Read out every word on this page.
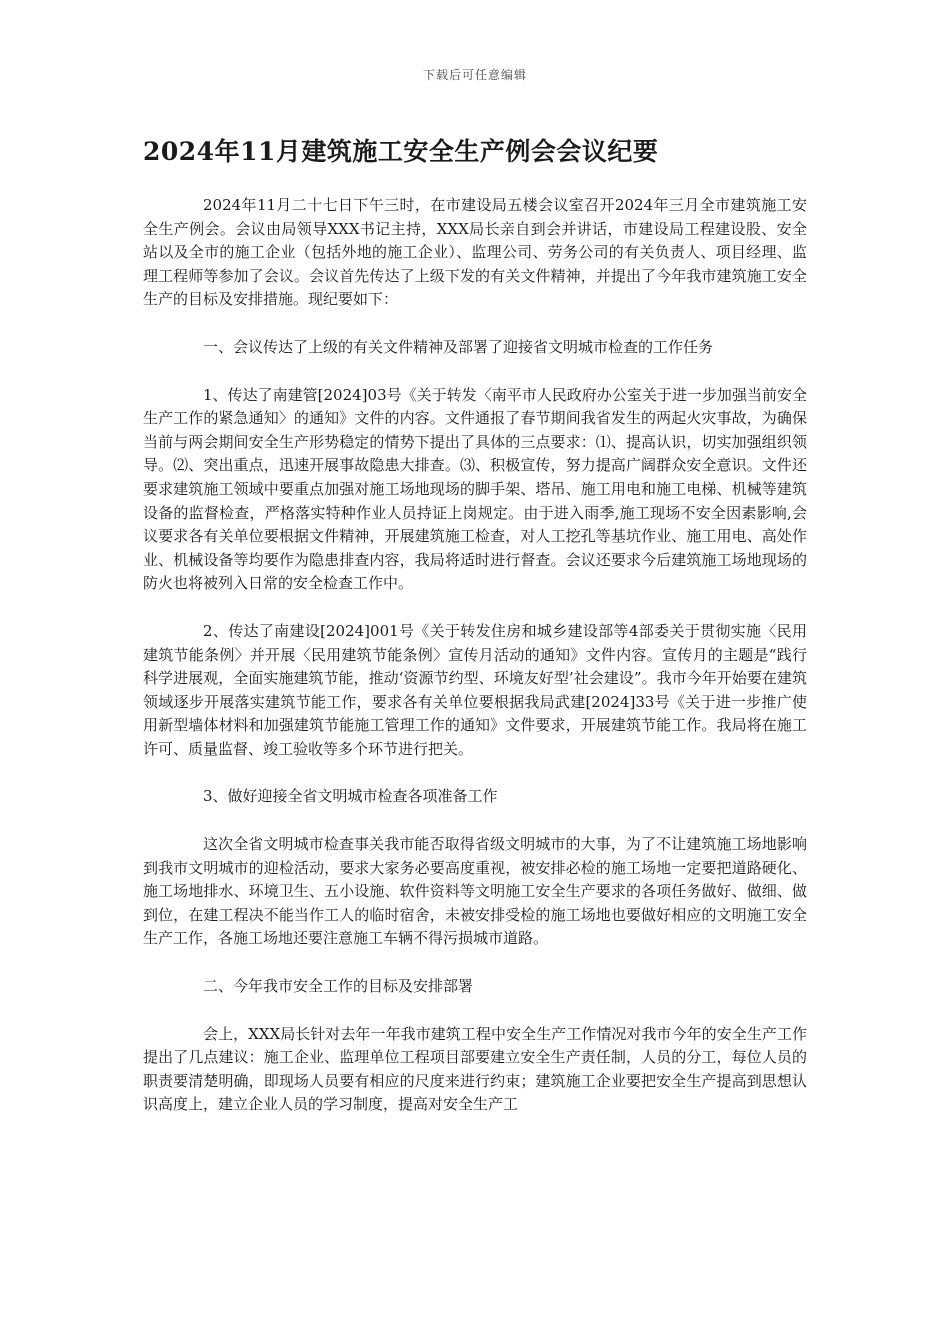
下载后可任意编辑
2024年11月建筑施工安全生产例会会议纪要

2024年11月二十七日下午三时，在市建设局五楼会议室召开2024年三月全市建筑施工安全生产例会。会议由局领导XXX书记主持，XXX局长亲自到会并讲话，市建设局工程建设股、安全站以及全市的施工企业（包括外地的施工企业）、监理公司、劳务公司的有关负责人、项目经理、监理工程师等参加了会议。会议首先传达了上级下发的有关文件精神，并提出了今年我市建筑施工安全生产的目标及安排措施。现纪要如下：

一、会议传达了上级的有关文件精神及部署了迎接省文明城市检查的工作任务

1、传达了南建管[2024]03号《关于转发〈南平市人民政府办公室关于进一步加强当前安全生产工作的紧急通知〉的通知》文件的内容。文件通报了春节期间我省发生的两起火灾事故，为确保当前与两会期间安全生产形势稳定的情势下提出了具体的三点要求：⑴、提高认识，切实加强组织领导。⑵、突出重点，迅速开展事故隐患大排查。⑶、积极宣传，努力提高广阔群众安全意识。文件还要求建筑施工领域中要重点加强对施工场地现场的脚手架、塔吊、施工用电和施工电梯、机械等建筑设备的监督检查，严格落实特种作业人员持证上岗规定。由于进入雨季,施工现场不安全因素影响,会议要求各有关单位要根据文件精神，开展建筑施工检查，对人工挖孔等基坑作业、施工用电、高处作业、机械设备等均要作为隐患排查内容，我局将适时进行督查。会议还要求今后建筑施工场地现场的防火也将被列入日常的安全检查工作中。

2、传达了南建设[2024]001号《关于转发住房和城乡建设部等4部委关于贯彻实施〈民用建筑节能条例〉并开展〈民用建筑节能条例〉宣传月活动的通知》文件内容。宣传月的主题是“践行科学进展观，全面实施建筑节能，推动‘资源节约型、环境友好型’社会建设”。我市今年开始要在建筑领域逐步开展落实建筑节能工作，要求各有关单位要根据我局武建[2024]33号《关于进一步推广使用新型墙体材料和加强建筑节能施工管理工作的通知》文件要求，开展建筑节能工作。我局将在施工许可、质量监督、竣工验收等多个环节进行把关。

3、做好迎接全省文明城市检查各项准备工作

这次全省文明城市检查事关我市能否取得省级文明城市的大事，为了不让建筑施工场地影响到我市文明城市的迎检活动，要求大家务必要高度重视，被安排必检的施工场地一定要把道路硬化、施工场地排水、环境卫生、五小设施、软件资料等文明施工安全生产要求的各项任务做好、做细、做到位，在建工程决不能当作工人的临时宿舍，未被安排受检的施工场地也要做好相应的文明施工安全生产工作，各施工场地还要注意施工车辆不得污损城市道路。

二、今年我市安全工作的目标及安排部署

会上，XXX局长针对去年一年我市建筑工程中安全生产工作情况对我市今年的安全生产工作提出了几点建议：施工企业、监理单位工程项目部要建立安全生产责任制，人员的分工，每位人员的职责要清楚明确，即现场人员要有相应的尺度来进行约束；建筑施工企业要把安全生产提高到思想认识高度上，建立企业人员的学习制度，提高对安全生产工
